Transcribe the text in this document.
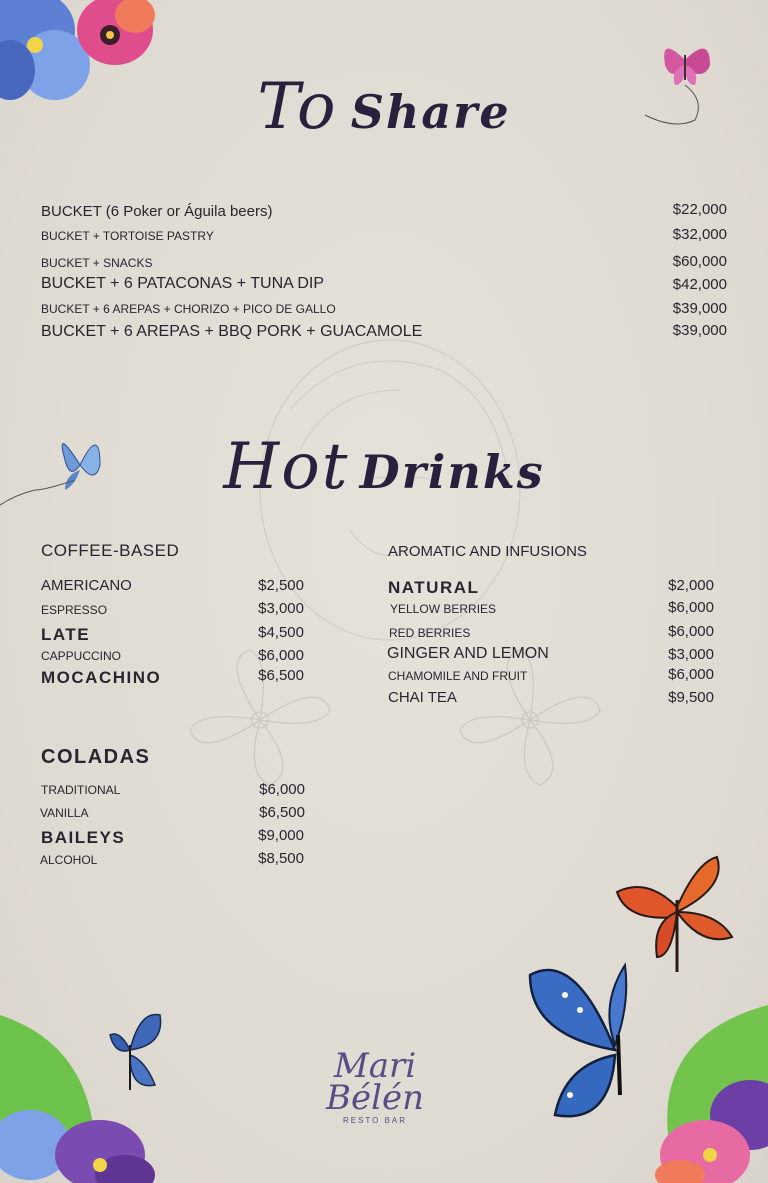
To Share
BUCKET (6 Poker or Águila beers)	$22,000
BUCKET + TORTOISE PASTRY	$32,000
BUCKET + SNACKS	$60,000
BUCKET + 6 PATACONAS + TUNA DIP	$42,000
BUCKET + 6 AREPAS + CHORIZO + PICO DE GALLO	$39,000
BUCKET + 6 AREPAS + BBQ PORK + GUACAMOLE	$39,000
Hot Drinks
COFFEE-BASED
AMERICANO	$2,500
ESPRESSO	$3,000
LATE	$4,500
CAPPUCCINO	$6,000
MOCACHINO	$6,500
COLADAS
TRADITIONAL	$6,000
VANILLA	$6,500
BAILEYS	$9,000
ALCOHOL	$8,500
AROMATIC AND INFUSIONS
NATURAL	$2,000
YELLOW BERRIES	$6,000
RED BERRIES	$6,000
GINGER AND LEMON	$3,000
CHAMOMILE AND FRUIT	$6,000
CHAI TEA	$9,500
Mari
Bélén
RESTO BAR
